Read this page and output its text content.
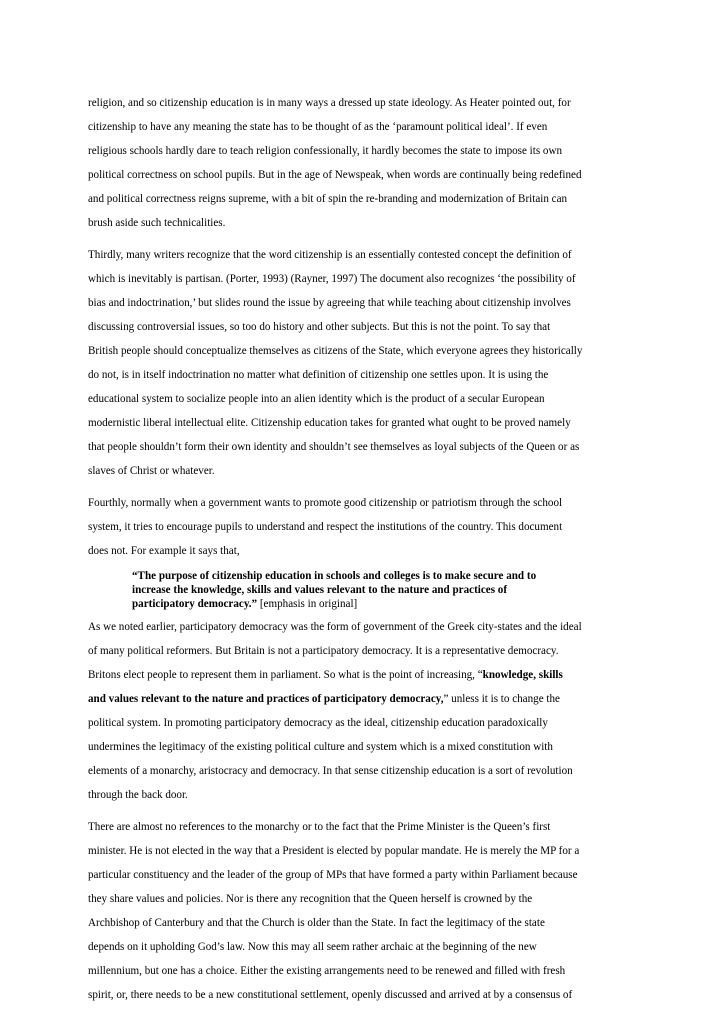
religion, and so citizenship education is in many ways a dressed up state ideology. As Heater pointed out, for
citizenship to have any meaning the state has to be thought of as the ‘paramount political ideal’. If even
religious schools hardly dare to teach religion confessionally, it hardly becomes the state to impose its own
political correctness on school pupils. But in the age of Newspeak, when words are continually being redefined
and political correctness reigns supreme, with a bit of spin the re-branding and modernization of Britain can
brush aside such technicalities.

Thirdly, many writers recognize that the word citizenship is an essentially contested concept the definition of
which is inevitably is partisan. (Porter, 1993) (Rayner, 1997) The document also recognizes ‘the possibility of
bias and indoctrination,’ but slides round the issue by agreeing that while teaching about citizenship involves
discussing controversial issues, so too do history and other subjects. But this is not the point. To say that
British people should conceptualize themselves as citizens of the State, which everyone agrees they historically
do not, is in itself indoctrination no matter what definition of citizenship one settles upon. It is using the
educational system to socialize people into an alien identity which is the product of a secular European
modernistic liberal intellectual elite. Citizenship education takes for granted what ought to be proved namely
that people shouldn’t form their own identity and shouldn’t see themselves as loyal subjects of the Queen or as
slaves of Christ or whatever.

Fourthly, normally when a government wants to promote good citizenship or patriotism through the school
system, it tries to encourage pupils to understand and respect the institutions of the country. This document
does not. For example it says that,

“The purpose of citizenship education in schools and colleges is to make secure and to
increase the knowledge, skills and values relevant to the nature and practices of
participatory democracy.” [emphasis in original]

As we noted earlier, participatory democracy was the form of government of the Greek city-states and the ideal
of many political reformers. But Britain is not a participatory democracy. It is a representative democracy.
Britons elect people to represent them in parliament. So what is the point of increasing, “knowledge, skills
and values relevant to the nature and practices of participatory democracy,” unless it is to change the
political system. In promoting participatory democracy as the ideal, citizenship education paradoxically
undermines the legitimacy of the existing political culture and system which is a mixed constitution with
elements of a monarchy, aristocracy and democracy. In that sense citizenship education is a sort of revolution
through the back door.

There are almost no references to the monarchy or to the fact that the Prime Minister is the Queen’s first
minister. He is not elected in the way that a President is elected by popular mandate. He is merely the MP for a
particular constituency and the leader of the group of MPs that have formed a party within Parliament because
they share values and policies. Nor is there any recognition that the Queen herself is crowned by the
Archbishop of Canterbury and that the Church is older than the State. In fact the legitimacy of the state
depends on it upholding God’s law. Now this may all seem rather archaic at the beginning of the new
millennium, but one has a choice. Either the existing arrangements need to be renewed and filled with fresh
spirit, or, there needs to be a new constitutional settlement, openly discussed and arrived at by a consensus of
